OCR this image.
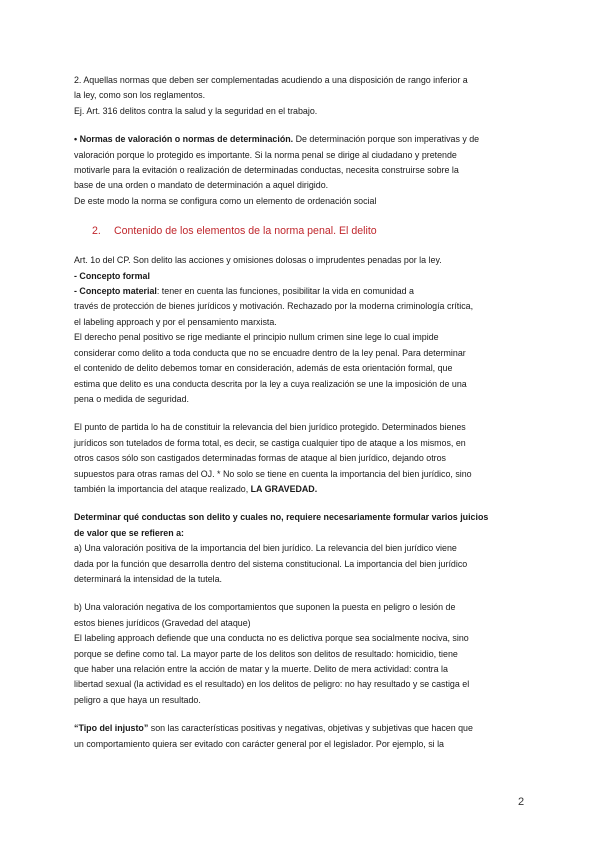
2. Aquellas normas que deben ser complementadas acudiendo a una disposición de rango inferior a

la ley, como son los reglamentos.

Ej. Art. 316 delitos contra la salud y la seguridad en el trabajo.

• Normas de valoración o normas de determinación. De determinación porque son imperativas y de

valoración porque lo protegido es importante. Si la norma penal se dirige al ciudadano y pretende

motivarle para la evitación o realización de determinadas conductas, necesita construirse sobre la

base de una orden o mandato de determinación a aquel dirigido.

De este modo la norma se configura como un elemento de ordenación social

2. Contenido de los elementos de la norma penal. El delito

Art. 1o del CP. Son delito las acciones y omisiones dolosas o imprudentes penadas por la ley.

- Concepto formal

- Concepto material: tener en cuenta las funciones, posibilitar la vida en comunidad a

través de protección de bienes jurídicos y motivación. Rechazado por la moderna criminología crítica,

el labeling approach y por el pensamiento marxista.

El derecho penal positivo se rige mediante el principio nullum crimen sine lege lo cual impide

considerar como delito a toda conducta que no se encuadre dentro de la ley penal. Para determinar

el contenido de delito debemos tomar en consideración, además de esta orientación formal, que

estima que delito es una conducta descrita por la ley a cuya realización se une la imposición de una

pena o medida de seguridad.

El punto de partida lo ha de constituir la relevancia del bien jurídico protegido. Determinados bienes

jurídicos son tutelados de forma total, es decir, se castiga cualquier tipo de ataque a los mismos, en

otros casos sólo son castigados determinadas formas de ataque al bien jurídico, dejando otros

supuestos para otras ramas del OJ. * No solo se tiene en cuenta la importancia del bien jurídico, sino

también la importancia del ataque realizado, LA GRAVEDAD.

Determinar qué conductas son delito y cuales no, requiere necesariamente formular varios juicios

de valor que se refieren a:

a) Una valoración positiva de la importancia del bien jurídico. La relevancia del bien jurídico viene

dada por la función que desarrolla dentro del sistema constitucional. La importancia del bien jurídico

determinará la intensidad de la tutela.

b) Una valoración negativa de los comportamientos que suponen la puesta en peligro o lesión de

estos bienes jurídicos (Gravedad del ataque)

El labeling approach defiende que una conducta no es delictiva porque sea socialmente nociva, sino

porque se define como tal. La mayor parte de los delitos son delitos de resultado: homicidio, tiene

que haber una relación entre la acción de matar y la muerte. Delito de mera actividad: contra la

libertad sexual (la actividad es el resultado) en los delitos de peligro: no hay resultado y se castiga el

peligro a que haya un resultado.

“Tipo del injusto” son las características positivas y negativas, objetivas y subjetivas que hacen que

un comportamiento quiera ser evitado con carácter general por el legislador. Por ejemplo, si la

2
